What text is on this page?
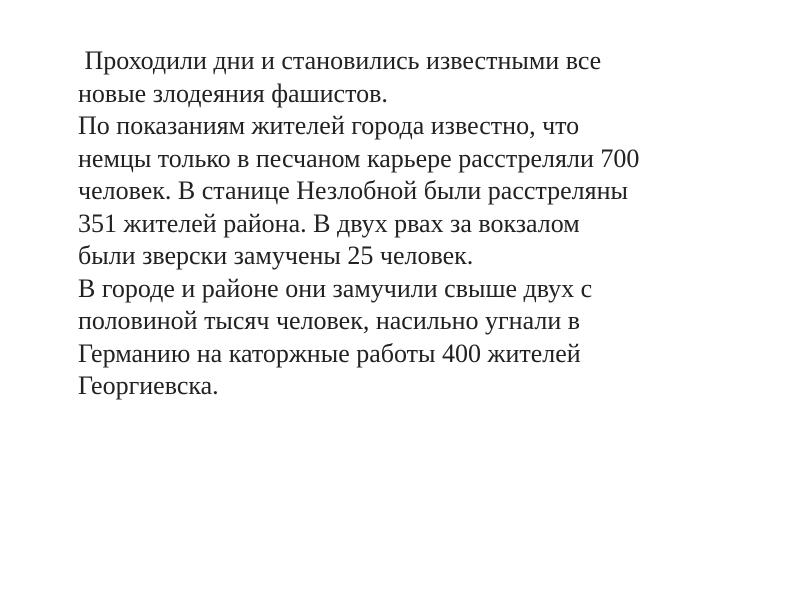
Проходили дни и становились известными все
новые злодеяния фашистов.
По показаниям жителей города известно, что
немцы только в песчаном карьере расстреляли 700
человек. В станице Незлобной были расстреляны
351 жителей района. В двух рвах за вокзалом
были зверски замучены 25 человек.
В городе и районе они замучили свыше двух с
половиной тысяч человек, насильно угнали в
Германию на каторжные работы 400 жителей
Георгиевска.
